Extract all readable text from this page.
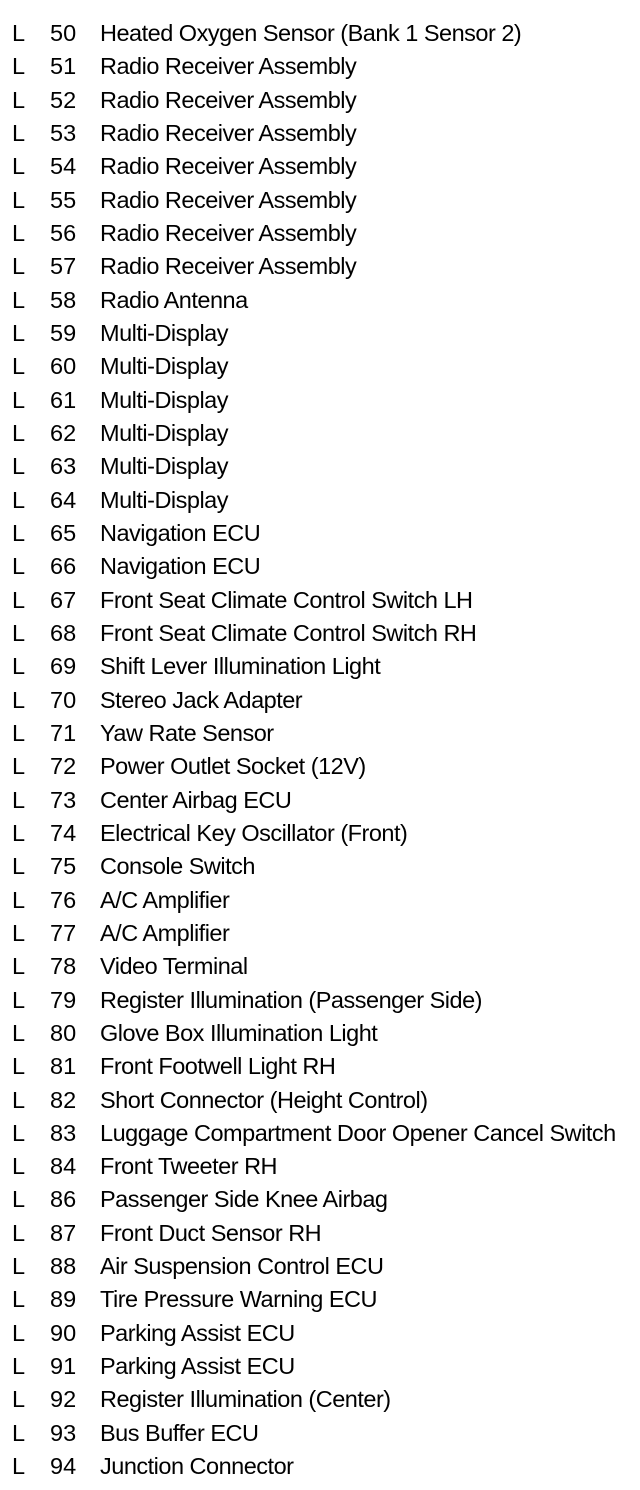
L 50 Heated Oxygen Sensor (Bank 1 Sensor 2)
L 51 Radio Receiver Assembly
L 52 Radio Receiver Assembly
L 53 Radio Receiver Assembly
L 54 Radio Receiver Assembly
L 55 Radio Receiver Assembly
L 56 Radio Receiver Assembly
L 57 Radio Receiver Assembly
L 58 Radio Antenna
L 59 Multi-Display
L 60 Multi-Display
L 61 Multi-Display
L 62 Multi-Display
L 63 Multi-Display
L 64 Multi-Display
L 65 Navigation ECU
L 66 Navigation ECU
L 67 Front Seat Climate Control Switch LH
L 68 Front Seat Climate Control Switch RH
L 69 Shift Lever Illumination Light
L 70 Stereo Jack Adapter
L 71 Yaw Rate Sensor
L 72 Power Outlet Socket (12V)
L 73 Center Airbag ECU
L 74 Electrical Key Oscillator (Front)
L 75 Console Switch
L 76 A/C Amplifier
L 77 A/C Amplifier
L 78 Video Terminal
L 79 Register Illumination (Passenger Side)
L 80 Glove Box Illumination Light
L 81 Front Footwell Light RH
L 82 Short Connector (Height Control)
L 83 Luggage Compartment Door Opener Cancel Switch
L 84 Front Tweeter RH
L 86 Passenger Side Knee Airbag
L 87 Front Duct Sensor RH
L 88 Air Suspension Control ECU
L 89 Tire Pressure Warning ECU
L 90 Parking Assist ECU
L 91 Parking Assist ECU
L 92 Register Illumination (Center)
L 93 Bus Buffer ECU
L 94 Junction Connector
